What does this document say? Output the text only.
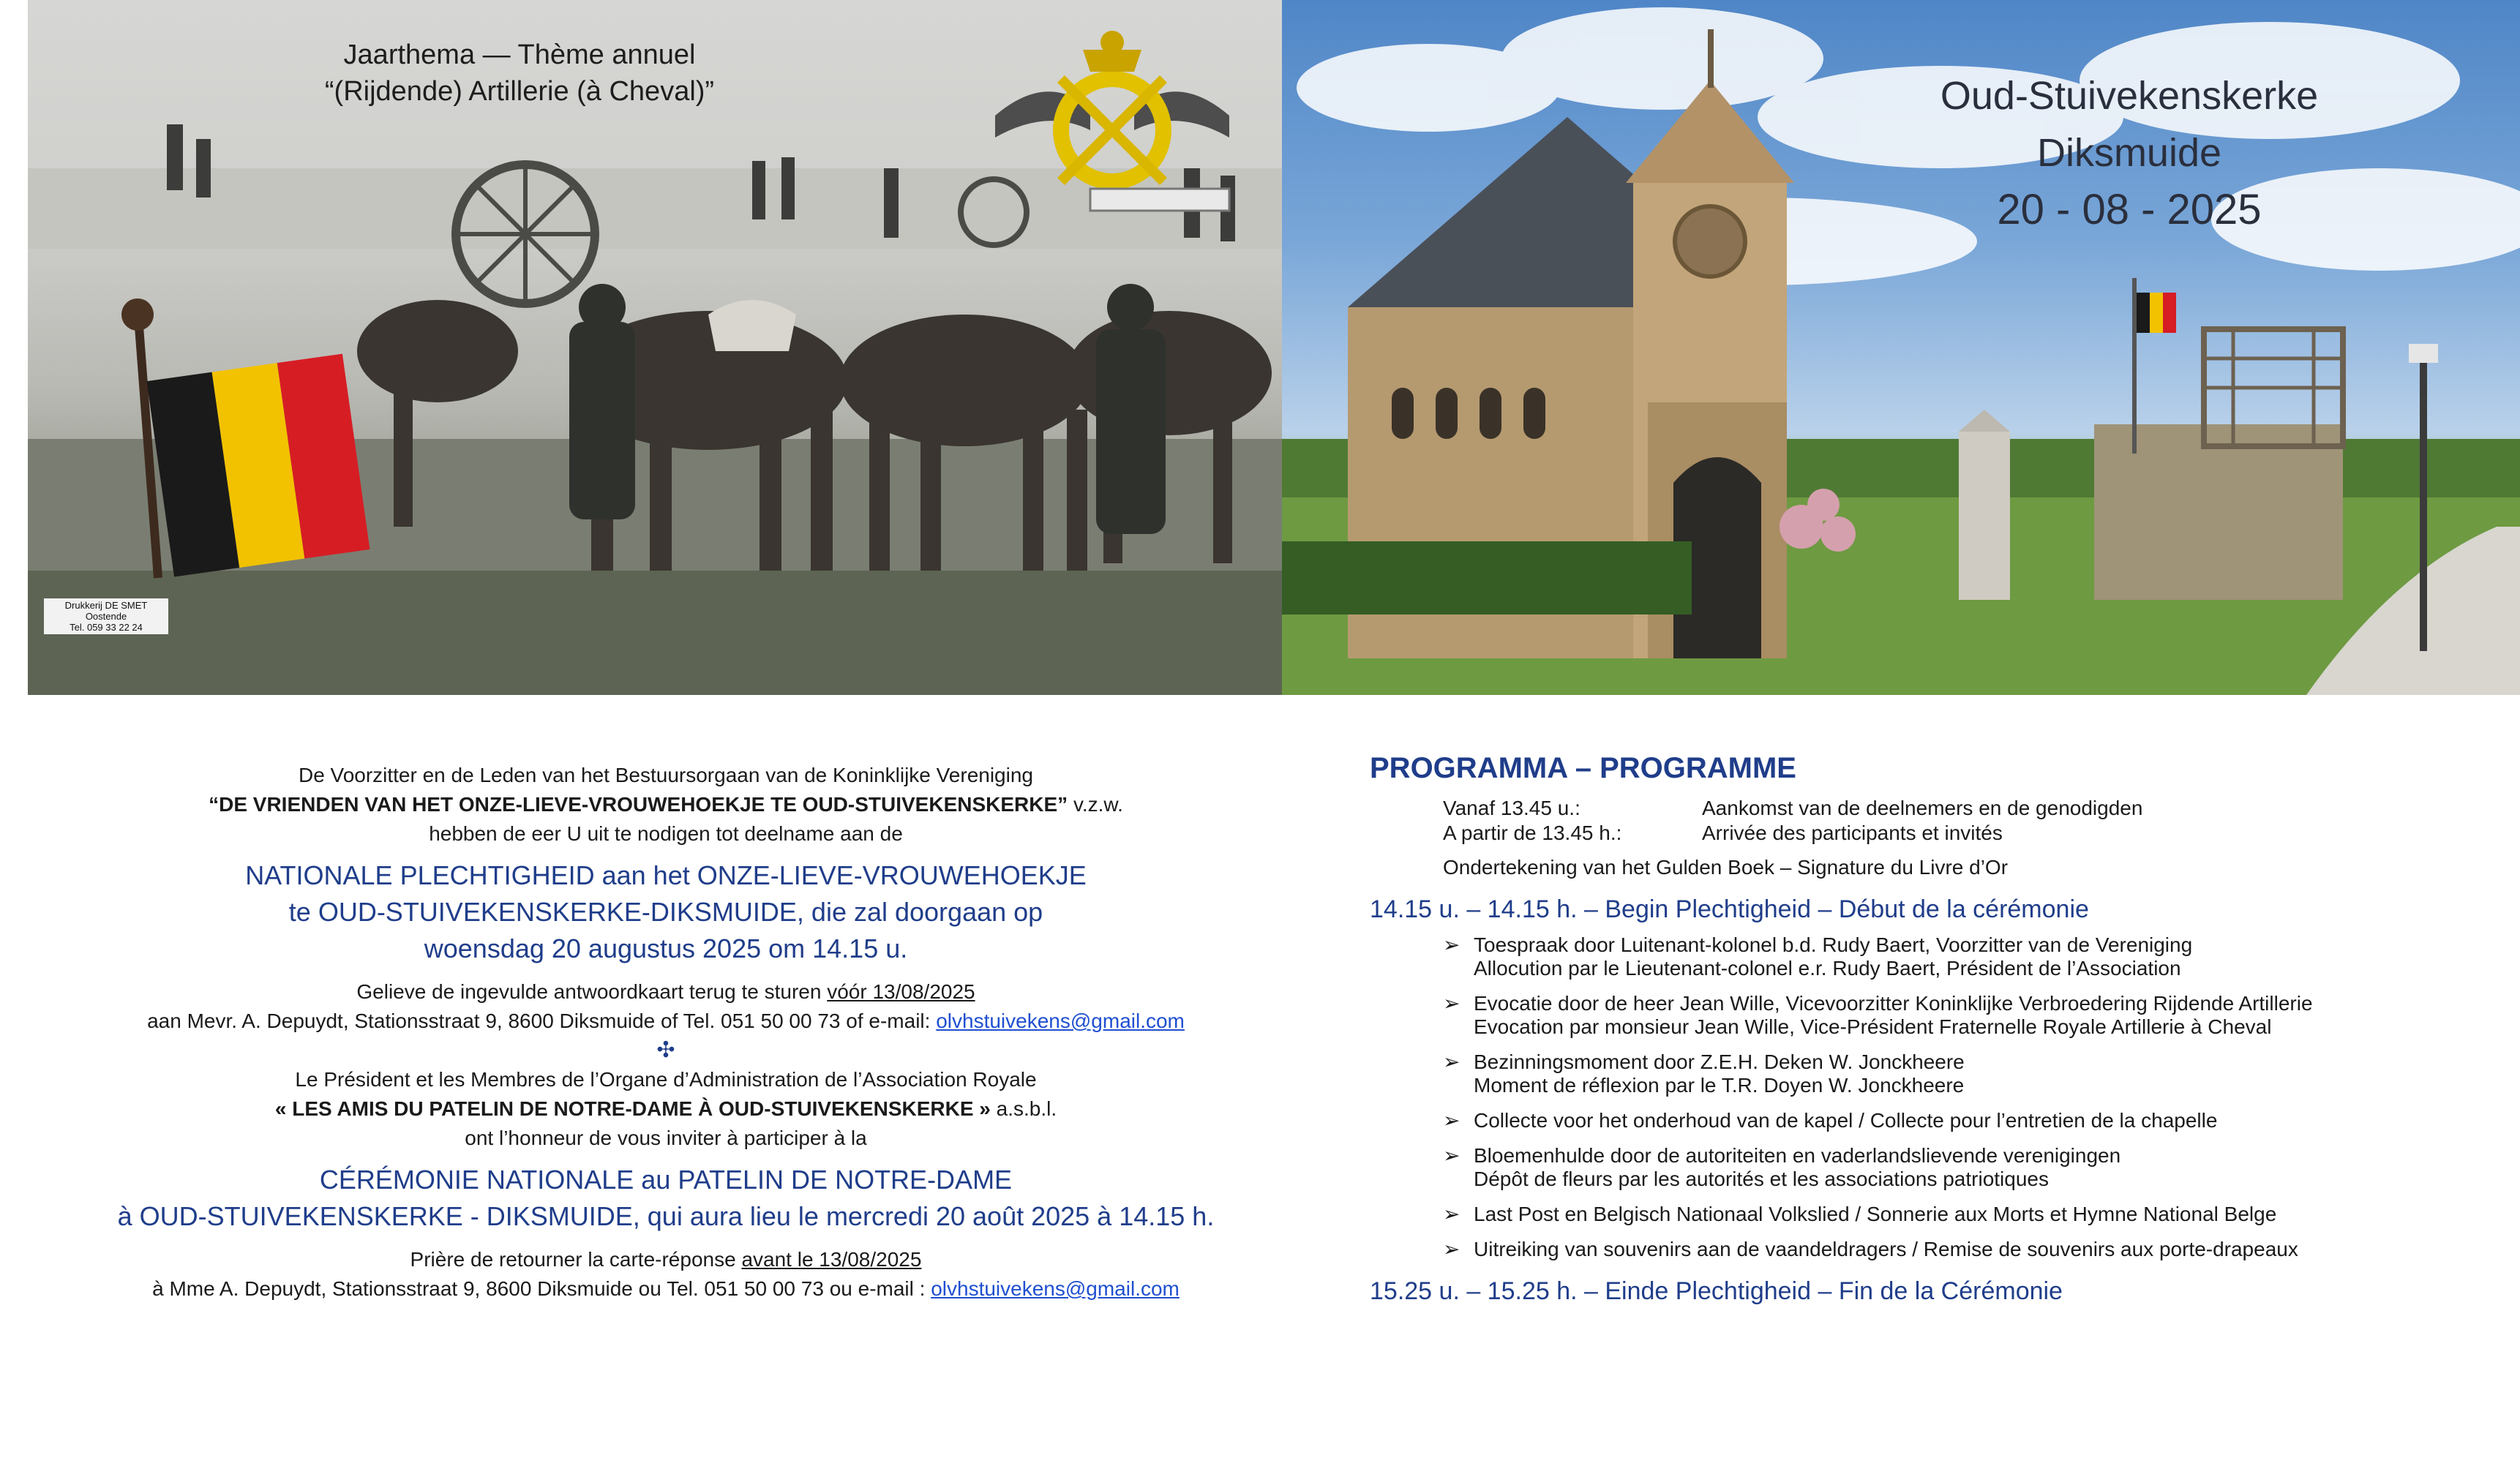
Jaarthema — Thème annuel
“(Rijdende) Artillerie (à Cheval)”
Drukkerij DE SMET
Oostende
Tel. 059 33 22 24
Oud-Stuivekenskerke
Diksmuide
20 - 08 - 2025
De Voorzitter en de Leden van het Bestuursorgaan van de Koninklijke Vereniging
“DE VRIENDEN VAN HET ONZE-LIEVE-VROUWEHOEKJE TE OUD-STUIVEKENSKERKE” v.z.w.
hebben de eer U uit te nodigen tot deelname aan de
NATIONALE PLECHTIGHEID aan het ONZE-LIEVE-VROUWEHOEKJE
te OUD-STUIVEKENSKERKE-DIKSMUIDE, die zal doorgaan op
woensdag 20 augustus 2025 om 14.15 u.
Gelieve de ingevulde antwoordkaart terug te sturen vóór 13/08/2025
aan Mevr. A. Depuydt, Stationsstraat 9, 8600 Diksmuide of Tel. 051 50 00 73 of e-mail: olvhstuivekens@gmail.com
✣
Le Président et les Membres de l’Organe d’Administration de l’Association Royale
« LES AMIS DU PATELIN DE NOTRE-DAME À OUD-STUIVEKENSKERKE » a.s.b.l.
ont l’honneur de vous inviter à participer à la
CÉRÉMONIE NATIONALE au PATELIN DE NOTRE-DAME
à OUD-STUIVEKENSKERKE - DIKSMUIDE, qui aura lieu le mercredi 20 août 2025 à 14.15 h.
Prière de retourner la carte-réponse avant le 13/08/2025
à Mme A. Depuydt, Stationsstraat 9, 8600 Diksmuide ou Tel. 051 50 00 73 ou e-mail : olvhstuivekens@gmail.com
PROGRAMMA – PROGRAMME
Vanaf 13.45 u.:	Aankomst van de deelnemers en de genodigden
A partir de 13.45 h.:	Arrivée des participants et invités
Ondertekening van het Gulden Boek – Signature du Livre d’Or
14.15 u. – 14.15 h. – Begin Plechtigheid – Début de la cérémonie
➢ Toespraak door Luitenant-kolonel b.d. Rudy Baert, Voorzitter van de Vereniging
Allocution par le Lieutenant-colonel e.r. Rudy Baert, Président de l’Association
➢ Evocatie door de heer Jean Wille, Vicevoorzitter Koninklijke Verbroedering Rijdende Artillerie
Evocation par monsieur Jean Wille, Vice-Président Fraternelle Royale Artillerie à Cheval
➢ Bezinningsmoment door Z.E.H. Deken W. Jonckheere
Moment de réflexion par le T.R. Doyen W. Jonckheere
➢ Collecte voor het onderhoud van de kapel / Collecte pour l’entretien de la chapelle
➢ Bloemenhulde door de autoriteiten en vaderlandslievende verenigingen
Dépôt de fleurs par les autorités et les associations patriotiques
➢ Last Post en Belgisch Nationaal Volkslied / Sonnerie aux Morts et Hymne National Belge
➢ Uitreiking van souvenirs aan de vaandeldragers / Remise de souvenirs aux porte-drapeaux
15.25 u. – 15.25 h. – Einde Plechtigheid – Fin de la Cérémonie
